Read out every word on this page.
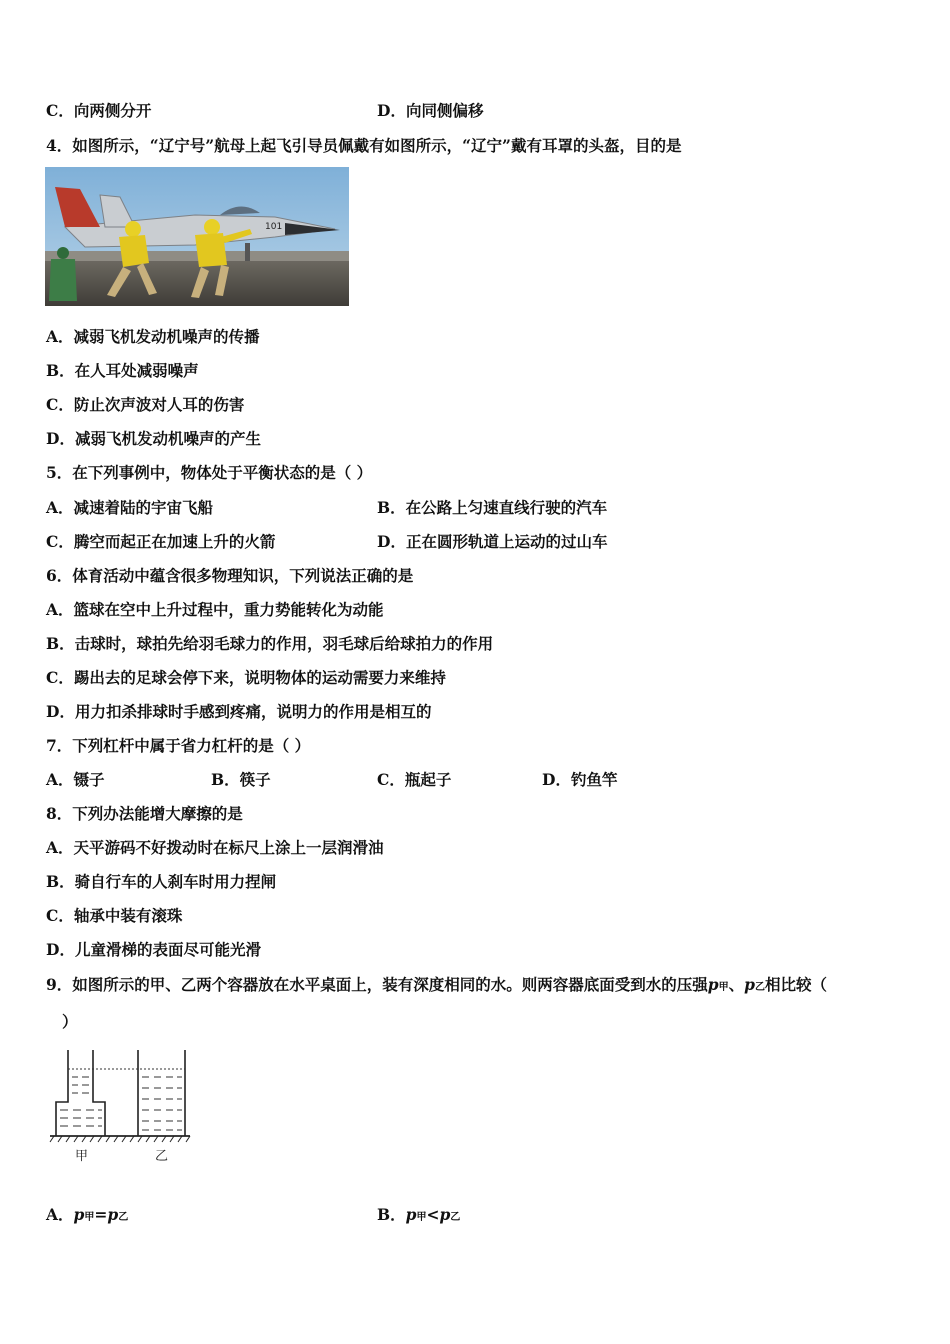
C．向两侧分开	D．向同侧偏移
4．如图所示，“辽宁号”航母上起飞引导员佩戴有如图所示，“辽宁”戴有耳罩的头盔，目的是
101
A．减弱飞机发动机噪声的传播
B．在人耳处减弱噪声
C．防止次声波对人耳的伤害
D．减弱飞机发动机噪声的产生
5．在下列事例中，物体处于平衡状态的是（ ）
A．减速着陆的宇宙飞船	B．在公路上匀速直线行驶的汽车
C．腾空而起正在加速上升的火箭	D．正在圆形轨道上运动的过山车
6．体育活动中蕴含很多物理知识，下列说法正确的是
A．篮球在空中上升过程中，重力势能转化为动能
B．击球时，球拍先给羽毛球力的作用，羽毛球后给球拍力的作用
C．踢出去的足球会停下来，说明物体的运动需要力来维持
D．用力扣杀排球时手感到疼痛，说明力的作用是相互的
7．下列杠杆中属于省力杠杆的是（ ）
A．镊子	B．筷子	C．瓶起子	D．钓鱼竿
8．下列办法能增大摩擦的是
A．天平游码不好拨动时在标尺上涂上一层润滑油
B．骑自行车的人刹车时用力捏闸
C．轴承中装有滚珠
D．儿童滑梯的表面尽可能光滑
9．如图所示的甲、乙两个容器放在水平桌面上，装有深度相同的水。则两容器底面受到水的压强p甲、p乙相比较（
）
甲	乙
A．p甲=p乙	B．p甲<p乙
